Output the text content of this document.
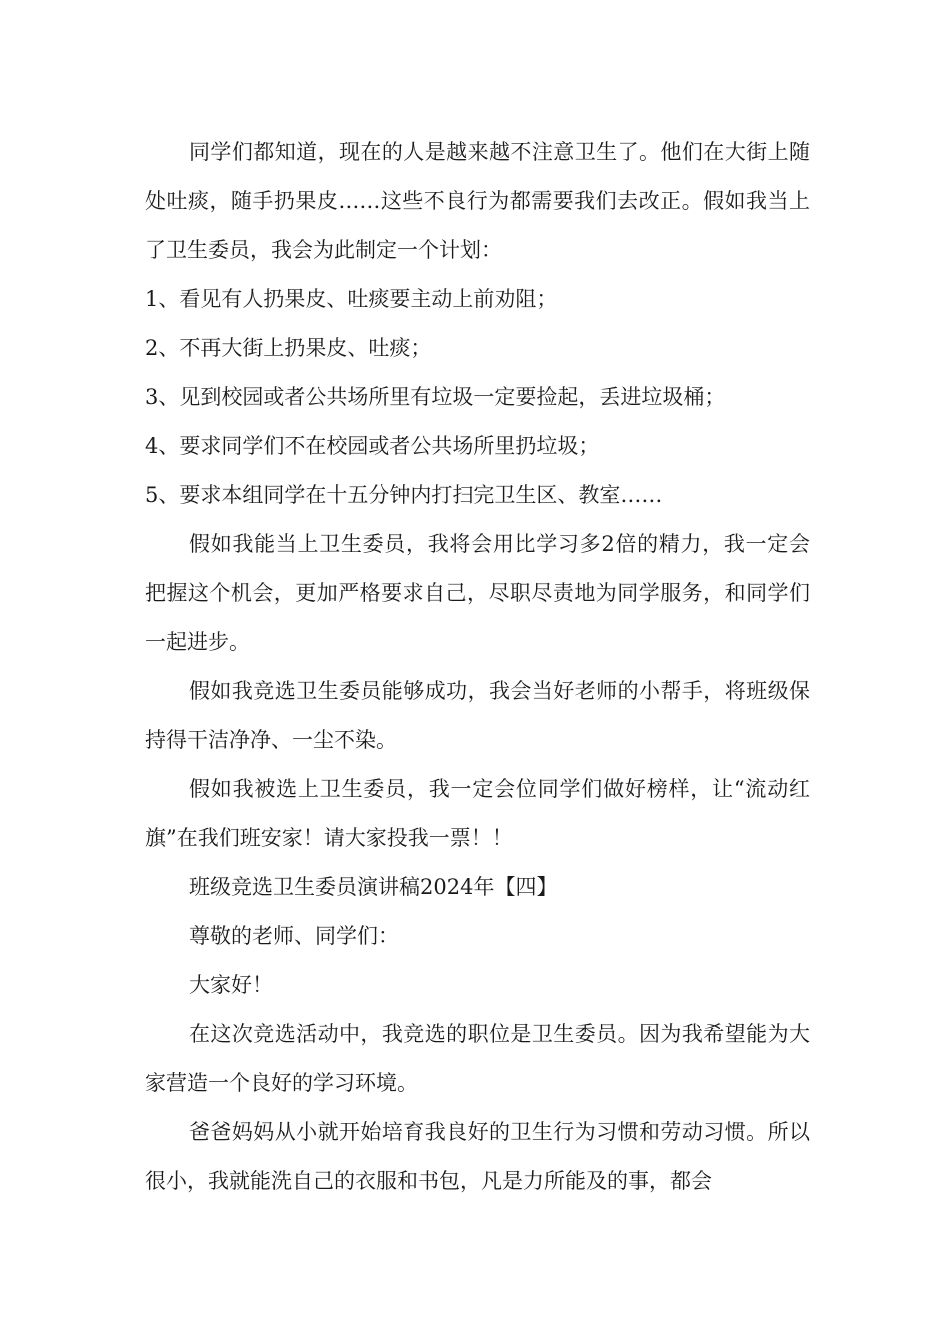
同学们都知道，现在的人是越来越不注意卫生了。他们在大街上随处吐痰，随手扔果皮……这些不良行为都需要我们去改正。假如我当上了卫生委员，我会为此制定一个计划：

1、看见有人扔果皮、吐痰要主动上前劝阻；

2、不再大街上扔果皮、吐痰；

3、见到校园或者公共场所里有垃圾一定要捡起，丢进垃圾桶；

4、要求同学们不在校园或者公共场所里扔垃圾；

5、要求本组同学在十五分钟内打扫完卫生区、教室……

假如我能当上卫生委员，我将会用比学习多2倍的精力，我一定会把握这个机会，更加严格要求自己，尽职尽责地为同学服务，和同学们一起进步。

假如我竞选卫生委员能够成功，我会当好老师的小帮手，将班级保持得干洁净净、一尘不染。

假如我被选上卫生委员，我一定会位同学们做好榜样，让“流动红旗”在我们班安家！请大家投我一票！！

班级竞选卫生委员演讲稿2024年【四】

尊敬的老师、同学们：

大家好！

在这次竞选活动中，我竞选的职位是卫生委员。因为我希望能为大家营造一个良好的学习环境。

爸爸妈妈从小就开始培育我良好的卫生行为习惯和劳动习惯。所以很小，我就能洗自己的衣服和书包，凡是力所能及的事，都会
